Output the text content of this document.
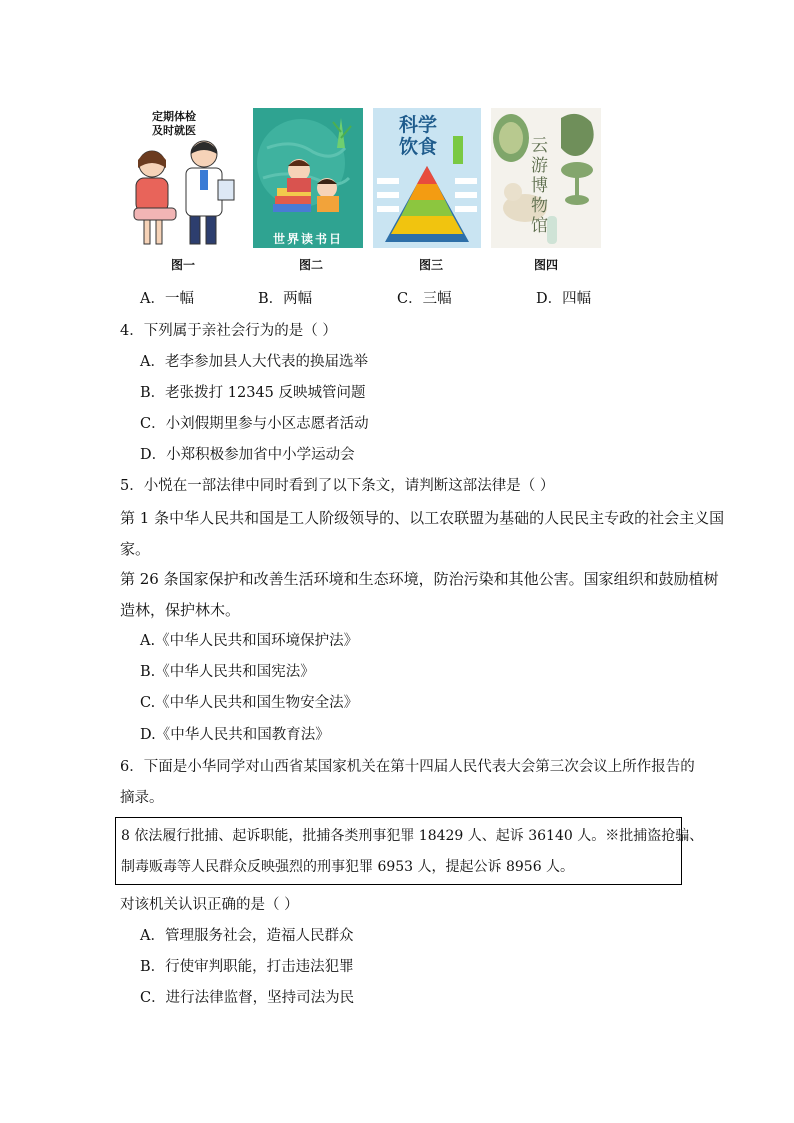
定期体检
及时就医
世界读书日
科学饮食	云游博物馆
图一	图二	图三	图四
A．一幅	B．两幅	C．三幅	D．四幅
4．下列属于亲社会行为的是（ ）
A．老李参加县人大代表的换届选举
B．老张拨打 12345 反映城管问题
C．小刘假期里参与小区志愿者活动
D．小郑积极参加省中小学运动会
5．小悦在一部法律中同时看到了以下条文，请判断这部法律是（ ）
第 1 条中华人民共和国是工人阶级领导的、以工农联盟为基础的人民民主专政的社会主义国
家。
第 26 条国家保护和改善生活环境和生态环境，防治污染和其他公害。国家组织和鼓励植树
造林，保护林木。
A.《中华人民共和国环境保护法》
B.《中华人民共和国宪法》
C.《中华人民共和国生物安全法》
D.《中华人民共和国教育法》
6．下面是小华同学对山西省某国家机关在第十四届人民代表大会第三次会议上所作报告的
摘录。
8 依法履行批捕、起诉职能，批捕各类刑事犯罪 18429 人、起诉 36140 人。※批捕盗抢骗、
制毒贩毒等人民群众反映强烈的刑事犯罪 6953 人，提起公诉 8956 人。
对该机关认识正确的是（ ）
A．管理服务社会，造福人民群众
B．行使审判职能，打击违法犯罪
C．进行法律监督，坚持司法为民
